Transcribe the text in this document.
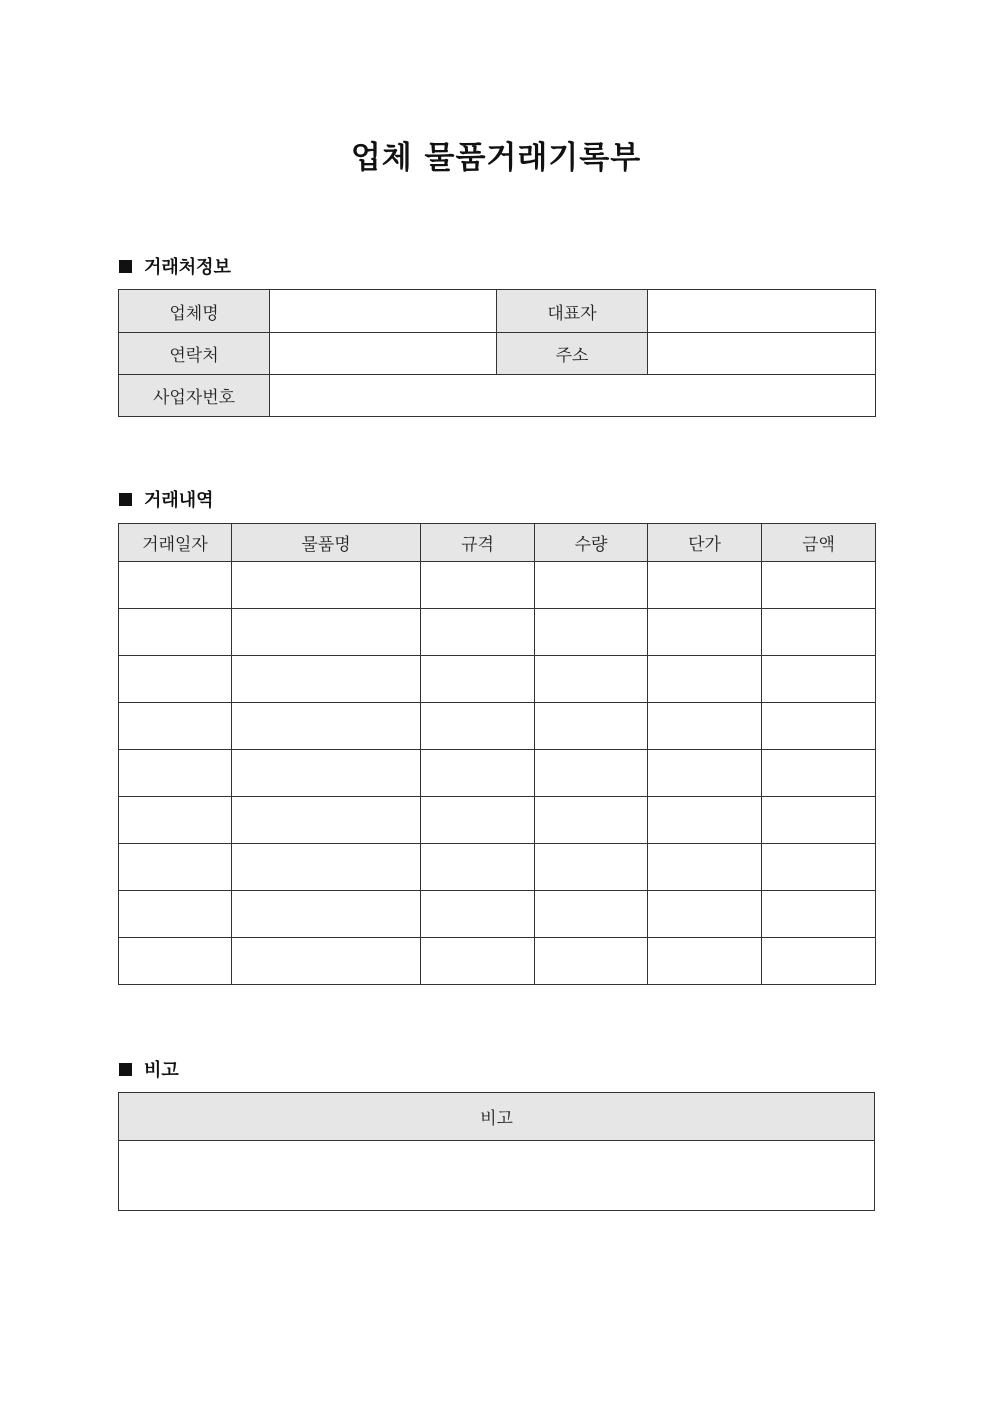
업체 물품거래기록부
거래처정보
업체명		대표자	
연락처		주소	
사업자번호			
거래내역
거래일자	물품명	규격	수량	단가	금액

비고
비고
